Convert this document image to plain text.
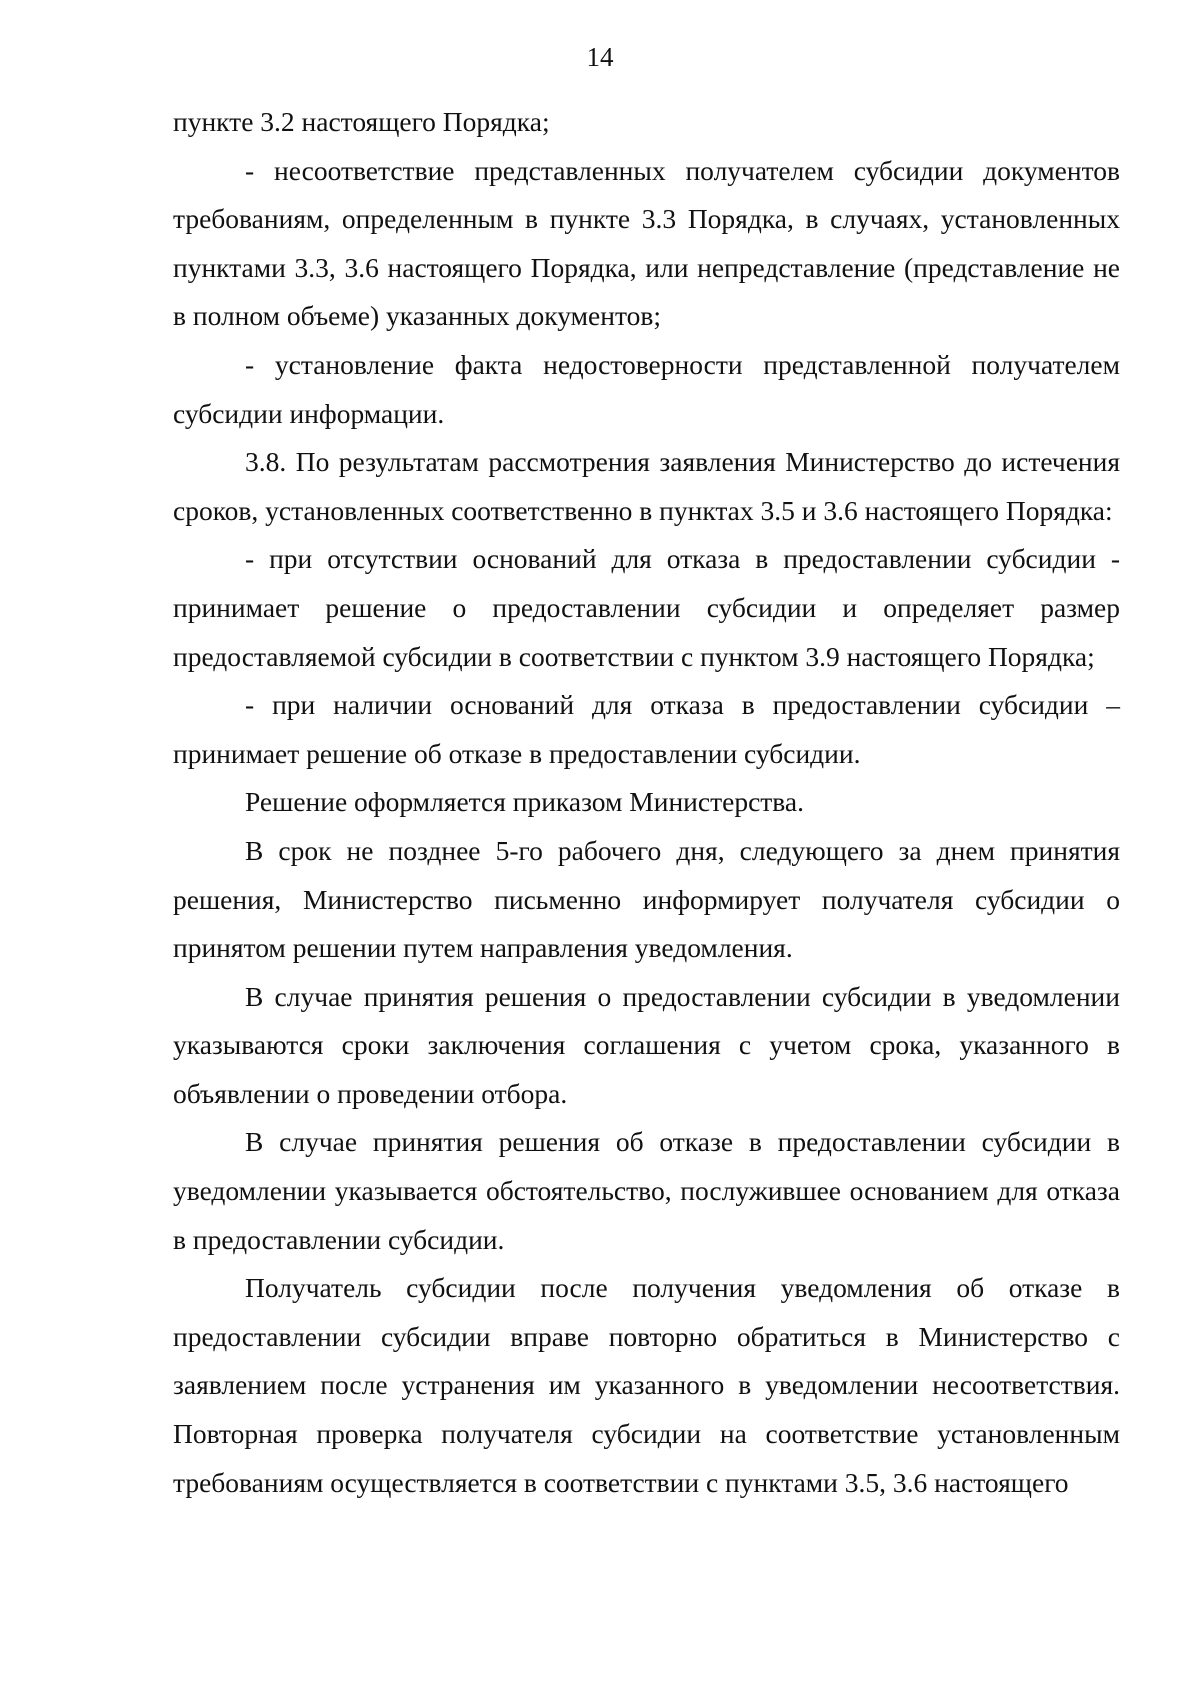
14

пункте 3.2 настоящего Порядка;

- несоответствие представленных получателем субсидии документов требованиям, определенным в пункте 3.3 Порядка, в случаях, установленных пунктами 3.3, 3.6 настоящего Порядка, или непредставление (представление не в полном объеме) указанных документов;

- установление факта недостоверности представленной получателем субсидии информации.

3.8. По результатам рассмотрения заявления Министерство до истечения сроков, установленных соответственно в пунктах 3.5 и 3.6 настоящего Порядка:

- при отсутствии оснований для отказа в предоставлении субсидии - принимает решение о предоставлении субсидии и определяет размер предоставляемой субсидии в соответствии с пунктом 3.9 настоящего Порядка;

- при наличии оснований для отказа в предоставлении субсидии – принимает решение об отказе в предоставлении субсидии.

Решение оформляется приказом Министерства.

В срок не позднее 5-го рабочего дня, следующего за днем принятия решения, Министерство письменно информирует получателя субсидии о принятом решении путем направления уведомления.

В случае принятия решения о предоставлении субсидии в уведомлении указываются сроки заключения соглашения с учетом срока, указанного в объявлении о проведении отбора.

В случае принятия решения об отказе в предоставлении субсидии в уведомлении указывается обстоятельство, послужившее основанием для отказа в предоставлении субсидии.

Получатель субсидии после получения уведомления об отказе в предоставлении субсидии вправе повторно обратиться в Министерство с заявлением после устранения им указанного в уведомлении несоответствия. Повторная проверка получателя субсидии на соответствие установленным требованиям осуществляется в соответствии с пунктами 3.5, 3.6 настоящего
